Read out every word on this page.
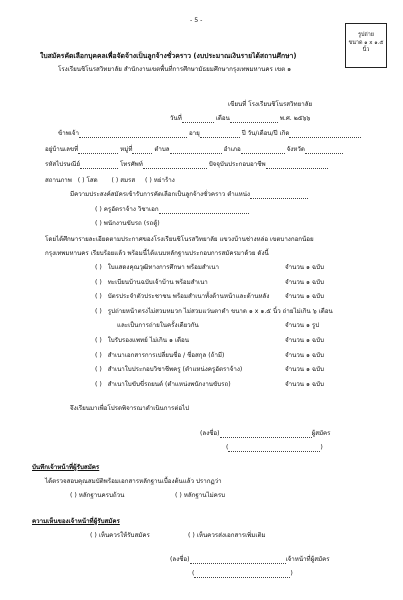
- 5 -
รูปถ่าย
ขนาด ๑ x ๑.๕
นิ้ว
ใบสมัครคัดเลือกบุคคลเพื่อจัดจ้างเป็นลูกจ้างชั่วคราว (งบประมาณเงินรายได้สถานศึกษา)
โรงเรียนชิโนรสวิทยาลัย สำนักงานเขตพื้นที่การศึกษามัธยมศึกษากรุงเทพมหานคร เขต ๑
เขียนที่ โรงเรียนชิโนรสวิทยาลัย
วันที่	เดือน	พ.ศ. ๒๕๖๖
ข้าพเจ้า	อายุ	ปี วัน/เดือน/ปี เกิด
อยู่บ้านเลขที่	หมู่ที่	ตำบล	อำเภอ	จังหวัด
รหัสไปรษณีย์	โทรศัพท์	ปัจจุบันประกอบอาชีพ
สถานภาพ ( ) โสด ( ) สมรส ( ) หย่าร้าง
มีความประสงค์สมัครเข้ารับการคัดเลือกเป็นลูกจ้างชั่วคราว ตำแหน่ง
( ) ครูอัตราจ้าง วิชาเอก
( ) พนักงานขับรถ (รถตู้)
โดยได้ศึกษารายละเอียดตามประกาศของโรงเรียนชิโนรสวิทยาลัย แขวงบ้านช่างหล่อ เขตบางกอกน้อย
กรุงเทพมหานคร เรียบร้อยแล้ว พร้อมนี้ได้แนบหลักฐานประกอบการสมัครมาด้วย ดังนี้
( ) ใบแสดงคุณวุฒิทางการศึกษา พร้อมสำเนา	จำนวน ๑ ฉบับ
( ) ทะเบียนบ้านฉบับเจ้าบ้าน พร้อมสำเนา	จำนวน ๑ ฉบับ
( ) บัตรประจำตัวประชาชน พร้อมสำเนาทั้งด้านหน้าและด้านหลัง	จำนวน ๑ ฉบับ
( ) รูปถ่ายหน้าตรงไม่สวมหมวก ไม่สวมแว่นตาดำ ขนาด ๑ x ๑.๕ นิ้ว ถ่ายไม่เกิน ๖ เดือน
และเป็นการถ่ายในครั้งเดียวกัน	จำนวน ๑ รูป
( ) ใบรับรองแพทย์ ไม่เกิน ๑ เดือน	จำนวน ๑ ฉบับ
( ) สำเนาเอกสารการเปลี่ยนชื่อ / ชื่อสกุล (ถ้ามี)	จำนวน ๑ ฉบับ
( ) สำเนาใบประกอบวิชาชีพครู (ตำแหน่งครูอัตราจ้าง)	จำนวน ๑ ฉบับ
( ) สำเนาใบขับขี่รถยนต์ (ตำแหน่งพนักงานขับรถ)	จำนวน ๑ ฉบับ
จึงเรียนมาเพื่อโปรดพิจารณาดำเนินการต่อไป
(ลงชื่อ)	ผู้สมัคร
(	)
บันทึกเจ้าหน้าที่ผู้รับสมัคร
ได้ตรวจสอบคุณสมบัติพร้อมเอกสารหลักฐานเบื้องต้นแล้ว ปรากฏว่า
( ) หลักฐานครบถ้วน	( ) หลักฐานไม่ครบ
ความเห็นของเจ้าหน้าที่ผู้รับสมัคร
( ) เห็นควรให้รับสมัคร	( ) เห็นควรส่งเอกสารเพิ่มเติม
(ลงชื่อ)	เจ้าหน้าที่ผู้สมัคร
(	)
